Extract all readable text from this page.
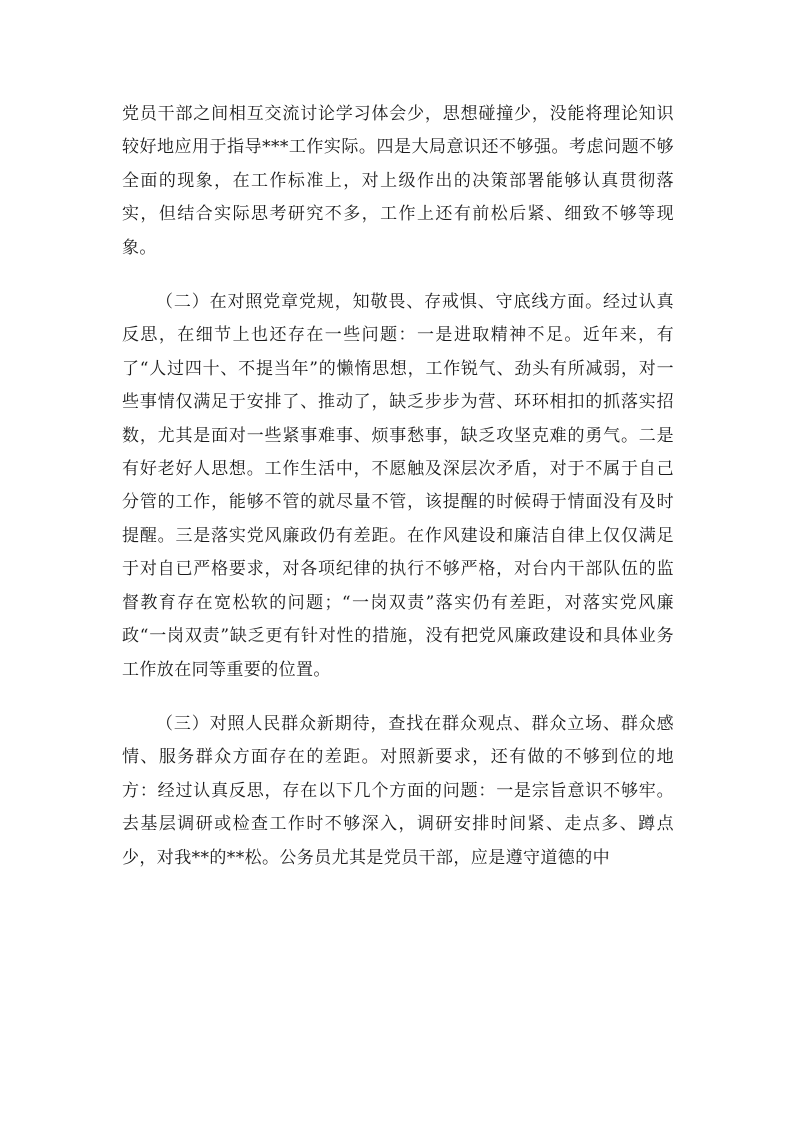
党员干部之间相互交流讨论学习体会少，思想碰撞少，没能将理论知识较好地应用于指导***工作实际。四是大局意识还不够强。考虑问题不够全面的现象，在工作标准上，对上级作出的决策部署能够认真贯彻落实，但结合实际思考研究不多，工作上还有前松后紧、细致不够等现象。

（二）在对照党章党规，知敬畏、存戒惧、守底线方面。经过认真反思，在细节上也还存在一些问题：一是进取精神不足。近年来，有了“人过四十、不提当年”的懒惰思想，工作锐气、劲头有所减弱，对一些事情仅满足于安排了、推动了，缺乏步步为营、环环相扣的抓落实招数，尤其是面对一些紧事难事、烦事愁事，缺乏攻坚克难的勇气。二是有好老好人思想。工作生活中，不愿触及深层次矛盾，对于不属于自己分管的工作，能够不管的就尽量不管，该提醒的时候碍于情面没有及时提醒。三是落实党风廉政仍有差距。在作风建设和廉洁自律上仅仅满足于对自已严格要求，对各项纪律的执行不够严格，对台内干部队伍的监督教育存在宽松软的问题；“一岗双责”落实仍有差距，对落实党风廉政“一岗双责”缺乏更有针对性的措施，没有把党风廉政建设和具体业务工作放在同等重要的位置。

（三）对照人民群众新期待，查找在群众观点、群众立场、群众感情、服务群众方面存在的差距。对照新要求，还有做的不够到位的地方：经过认真反思，存在以下几个方面的问题：一是宗旨意识不够牢。去基层调研或检查工作时不够深入，调研安排时间紧、走点多、蹲点少，对我**的**松。公务员尤其是党员干部，应是遵守道德的中
